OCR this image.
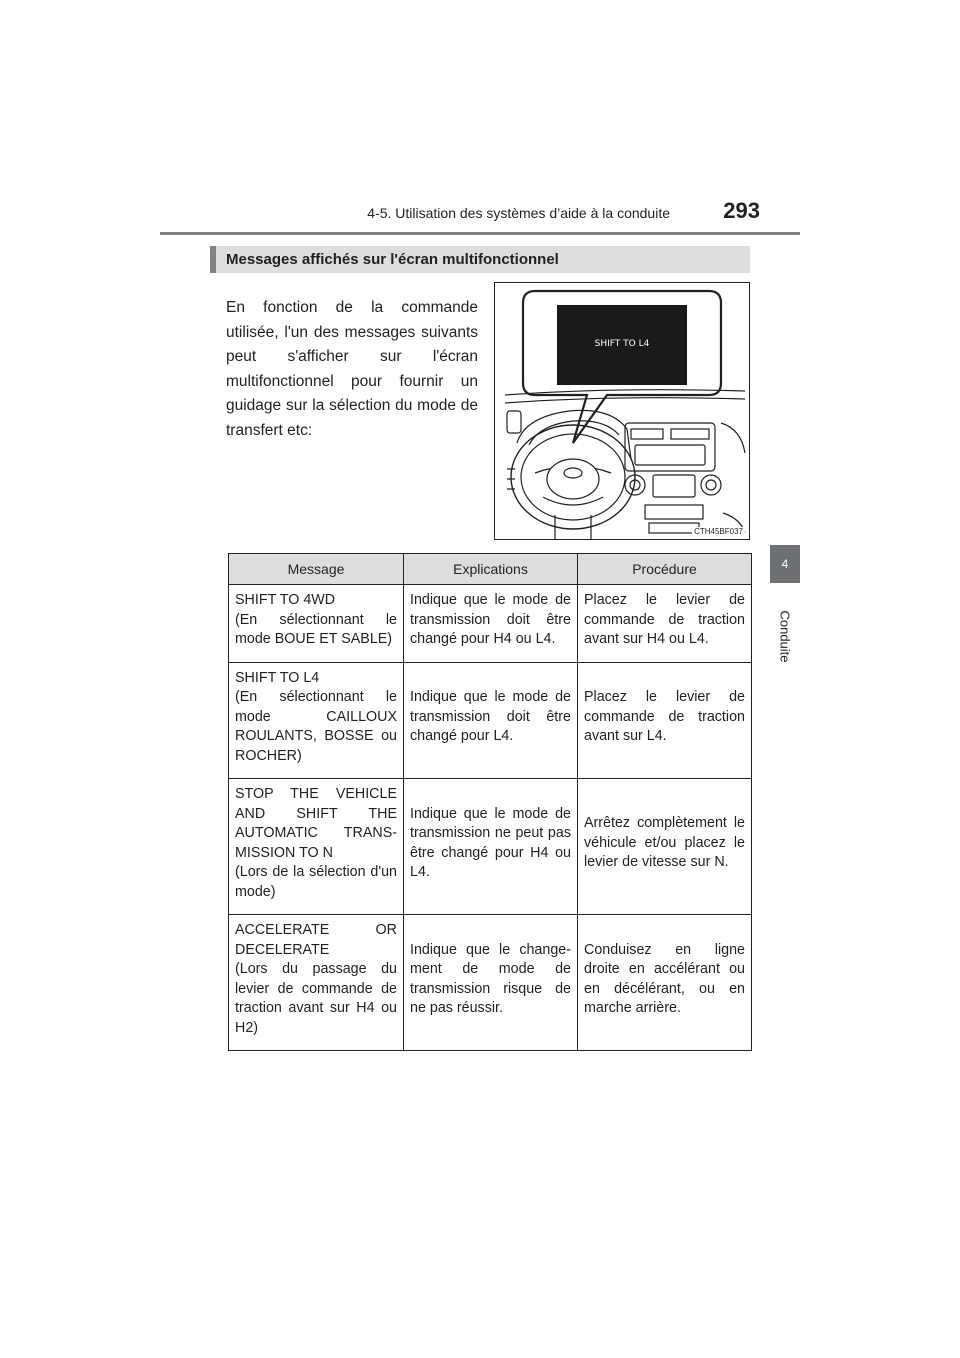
4-5. Utilisation des systèmes d’aide à la conduite	293
4
Conduite
Messages affichés sur l'écran multifonctionnel
En fonction de la commande utilisée, l'un des messages suivants peut s'afficher sur l'écran multifonctionnel pour fournir un guidage sur la sélection du mode de transfert etc:
SHIFT TO L4
CTH45BF037
Message	Explications	Procédure

SHIFT TO 4WD
(En sélectionnant le mode BOUE ET SABLE)	Indique que le mode de transmission doit être changé pour H4 ou L4.	Placez le levier de commande de traction avant sur H4 ou L4.

SHIFT TO L4
(En sélectionnant le mode CAILLOUX ROULANTS, BOSSE ou ROCHER)	Indique que le mode de transmission doit être changé pour L4.	Placez le levier de commande de traction avant sur L4.

STOP THE VEHICLE AND SHIFT THE AUTOMATIC TRANS-MISSION TO N
(Lors de la sélection d'un mode)	Indique que le mode de transmission ne peut pas être changé pour H4 ou L4.	Arrêtez complètement le véhicule et/ou placez le levier de vitesse sur N.

ACCELERATE OR DECELERATE
(Lors du passage du levier de commande de traction avant sur H4 ou H2)	Indique que le change-ment de mode de transmission risque de ne pas réussir.	Conduisez en ligne droite en accélérant ou en décélérant, ou en marche arrière.
